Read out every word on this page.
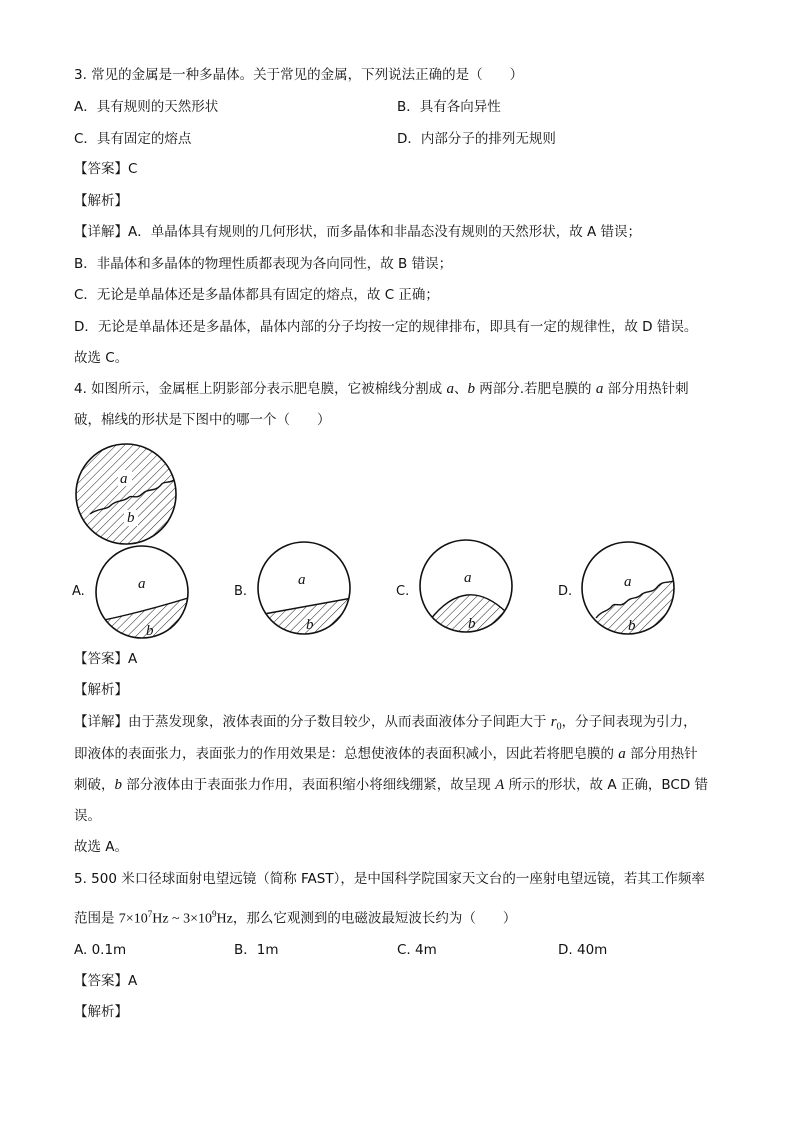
3. 常见的金属是一种多晶体。关于常见的金属，下列说法正确的是（　　）
A．具有规则的天然形状	B．具有各向异性
C．具有固定的熔点	D．内部分子的排列无规则
【答案】C
【解析】
【详解】A．单晶体具有规则的几何形状，而多晶体和非晶态没有规则的天然形状，故 A 错误；
B．非晶体和多晶体的物理性质都表现为各向同性，故 B 错误；
C．无论是单晶体还是多晶体都具有固定的熔点，故 C 正确；
D．无论是单晶体还是多晶体，晶体内部的分子均按一定的规律排布，即具有一定的规律性，故 D 错误。
故选 C。
4. 如图所示，金属框上阴影部分表示肥皂膜，它被棉线分割成 a、b 两部分.若肥皂膜的 a 部分用热针刺
破，棉线的形状是下图中的哪一个（　　）
a
b
A.	a
b
B.
a
b
C.
a
b
D.
a
b
【答案】A
【解析】
【详解】由于蒸发现象，液体表面的分子数目较少，从而表面液体分子间距大于 $r_0$，分子间表现为引力，
即液体的表面张力，表面张力的作用效果是：总想使液体的表面积减小，因此若将肥皂膜的 a 部分用热针
刺破，b 部分液体由于表面张力作用，表面积缩小将细线绷紧，故呈现 A 所示的形状，故 A 正确，BCD 错
误。
故选 A。
5. 500 米口径球面射电望远镜（简称 FAST），是中国科学院国家天文台的一座射电望远镜，若其工作频率
范围是 $7\times 10^7Hz$ ~ $3\times 10^9Hz$，那么它观测到的电磁波最短波长约为（　　）
A. 0.1m	B．1m	C. 4m	D. 40m
【答案】A
【解析】
